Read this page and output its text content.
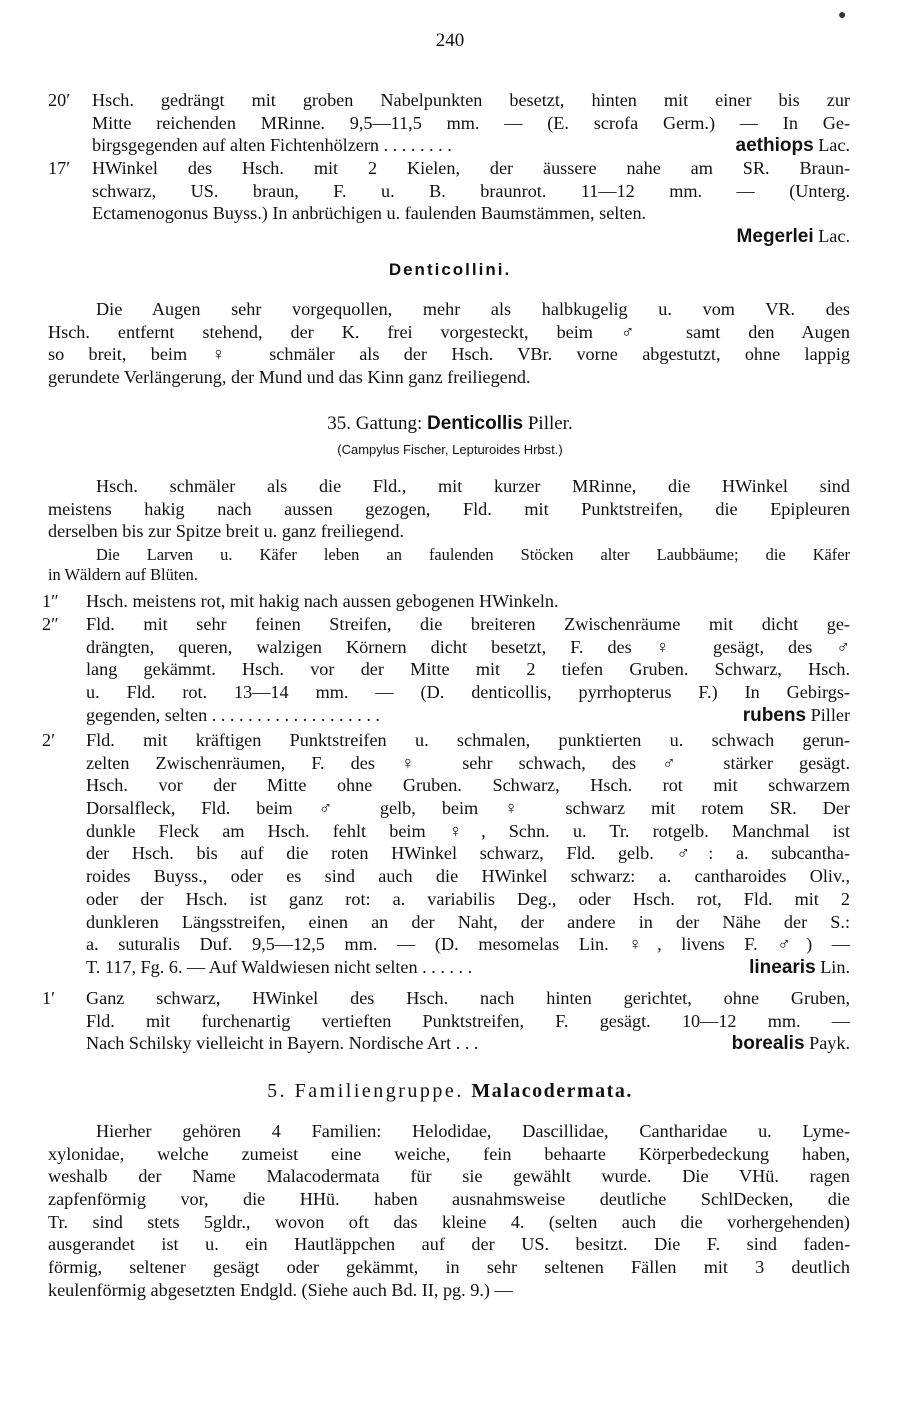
●
240
20′	Hsch. gedrängt mit groben Nabelpunkten besetzt, hinten mit einer bis zur
Mitte reichenden MRinne. 9,5—11,5 mm. — (E. scrofa Germ.) — In Ge-
birgsgegenden auf alten Fichtenhölzern . . . . . . . .	aethiops Lac.
17′	HWinkel des Hsch. mit 2 Kielen, der äussere nahe am SR. Braun-
schwarz, US. braun, F. u. B. braunrot. 11—12 mm. — (Unterg.
Ectamenogonus Buyss.) In anbrüchigen u. faulenden Baumstämmen, selten.
Megerlei Lac.
Denticollini.
Die Augen sehr vorgequollen, mehr als halbkugelig u. vom VR. des
Hsch. entfernt stehend, der K. frei vorgesteckt, beim ♂ samt den Augen
so breit, beim ♀ schmäler als der Hsch. VBr. vorne abgestutzt, ohne lappig
gerundete Verlängerung, der Mund und das Kinn ganz freiliegend.
35. Gattung: Denticollis Piller.
(Campylus Fischer, Lepturoides Hrbst.)
Hsch. schmäler als die Fld., mit kurzer MRinne, die HWinkel sind
meistens hakig nach aussen gezogen, Fld. mit Punktstreifen, die Epipleuren
derselben bis zur Spitze breit u. ganz freiliegend.
Die Larven u. Käfer leben an faulenden Stöcken alter Laubbäume; die Käfer
in Wäldern auf Blüten.
1″	Hsch. meistens rot, mit hakig nach aussen gebogenen HWinkeln.
2″	Fld. mit sehr feinen Streifen, die breiteren Zwischenräume mit dicht ge-
drängten, queren, walzigen Körnern dicht besetzt, F. des ♀ gesägt, des ♂
lang gekämmt. Hsch. vor der Mitte mit 2 tiefen Gruben. Schwarz, Hsch.
u. Fld. rot. 13—14 mm. — (D. denticollis, pyrrhopterus F.) In Gebirgs-
gegenden, selten . . . . . . . . . . . . . . . . . . .	rubens Piller
2′	Fld. mit kräftigen Punktstreifen u. schmalen, punktierten u. schwach gerun-
zelten Zwischenräumen, F. des ♀ sehr schwach, des ♂ stärker gesägt.
Hsch. vor der Mitte ohne Gruben. Schwarz, Hsch. rot mit schwarzem
Dorsalfleck, Fld. beim ♂ gelb, beim ♀ schwarz mit rotem SR. Der
dunkle Fleck am Hsch. fehlt beim ♀, Schn. u. Tr. rotgelb. Manchmal ist
der Hsch. bis auf die roten HWinkel schwarz, Fld. gelb. ♂: a. subcantha-
roides Buyss., oder es sind auch die HWinkel schwarz: a. cantharoides Oliv.,
oder der Hsch. ist ganz rot: a. variabilis Deg., oder Hsch. rot, Fld. mit 2
dunkleren Längsstreifen, einen an der Naht, der andere in der Nähe der S.:
a. suturalis Duf. 9,5—12,5 mm. — (D. mesomelas Lin. ♀, livens F. ♂) —
T. 117, Fg. 6. — Auf Waldwiesen nicht selten . . . . . .	linearis Lin.
1′	Ganz schwarz, HWinkel des Hsch. nach hinten gerichtet, ohne Gruben,
Fld. mit furchenartig vertieften Punktstreifen, F. gesägt. 10—12 mm. —
Nach Schilsky vielleicht in Bayern. Nordische Art . . .	borealis Payk.
5. Familiengruppe. Malacodermata.
Hierher gehören 4 Familien: Helodidae, Dascillidae, Cantharidae u. Lyme-
xylonidae, welche zumeist eine weiche, fein behaarte Körperbedeckung haben,
weshalb der Name Malacodermata für sie gewählt wurde. Die VHü. ragen
zapfenförmig vor, die HHü. haben ausnahmsweise deutliche SchlDecken, die
Tr. sind stets 5gldr., wovon oft das kleine 4. (selten auch die vorhergehenden)
ausgerandet ist u. ein Hautläppchen auf der US. besitzt. Die F. sind faden-
förmig, seltener gesägt oder gekämmt, in sehr seltenen Fällen mit 3 deutlich
keulenförmig abgesetzten Endgld. (Siehe auch Bd. II, pg. 9.) —
